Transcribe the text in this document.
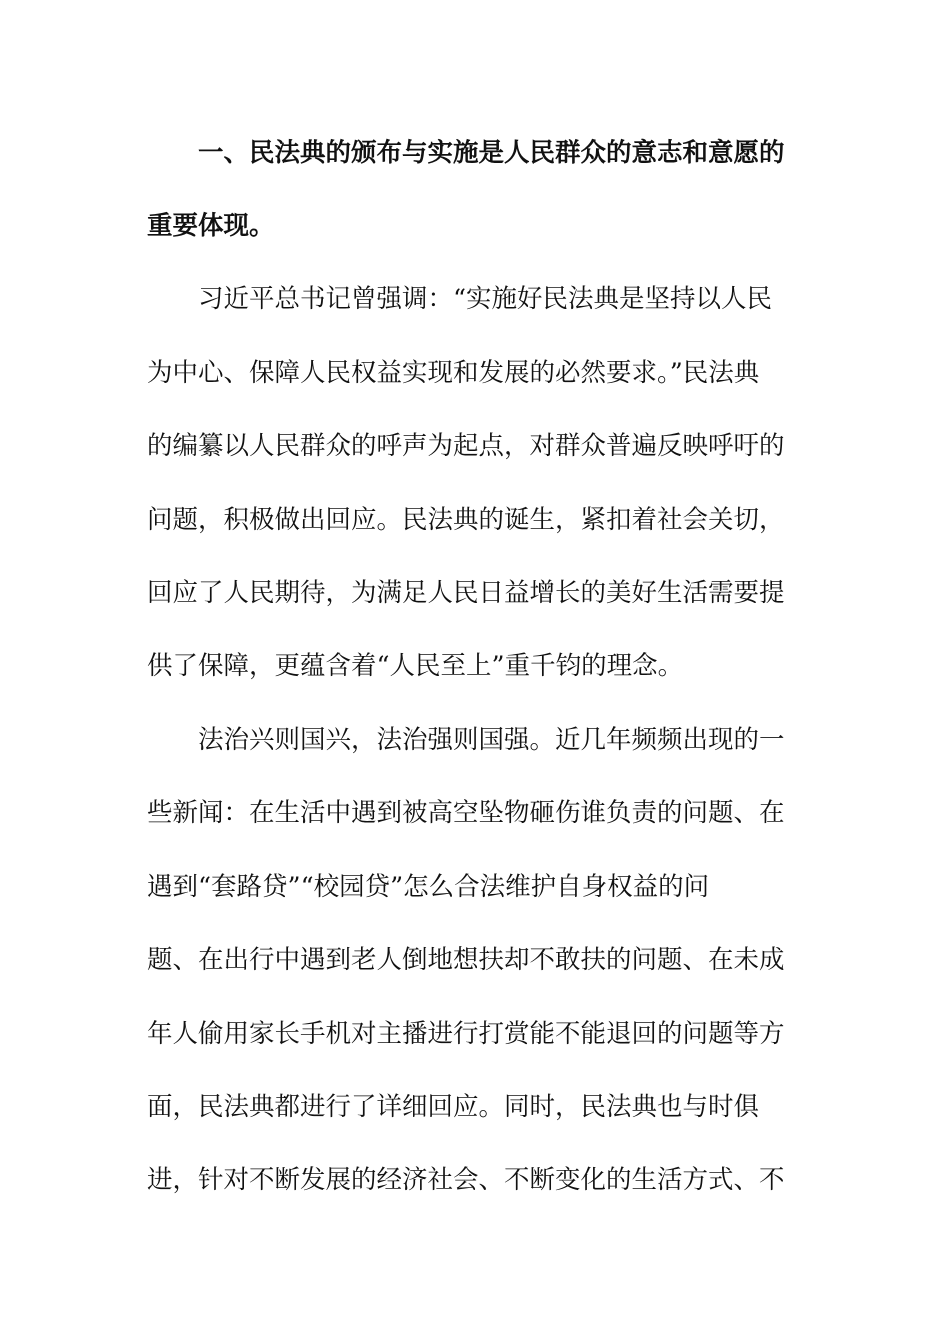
一、民法典的颁布与实施是人民群众的意志和意愿的
重要体现。
习近平总书记曾强调：“实施好民法典是坚持以人民
为中心、保障人民权益实现和发展的必然要求。”民法典
的编纂以人民群众的呼声为起点，对群众普遍反映呼吁的
问题，积极做出回应。民法典的诞生，紧扣着社会关切，
回应了人民期待，为满足人民日益增长的美好生活需要提
供了保障，更蕴含着“人民至上”重千钧的理念。
法治兴则国兴，法治强则国强。近几年频频出现的一
些新闻：在生活中遇到被高空坠物砸伤谁负责的问题、在
遇到“套路贷”“校园贷”怎么合法维护自身权益的问
题、在出行中遇到老人倒地想扶却不敢扶的问题、在未成
年人偷用家长手机对主播进行打赏能不能退回的问题等方
面，民法典都进行了详细回应。同时，民法典也与时俱
进，针对不断发展的经济社会、不断变化的生活方式、不
